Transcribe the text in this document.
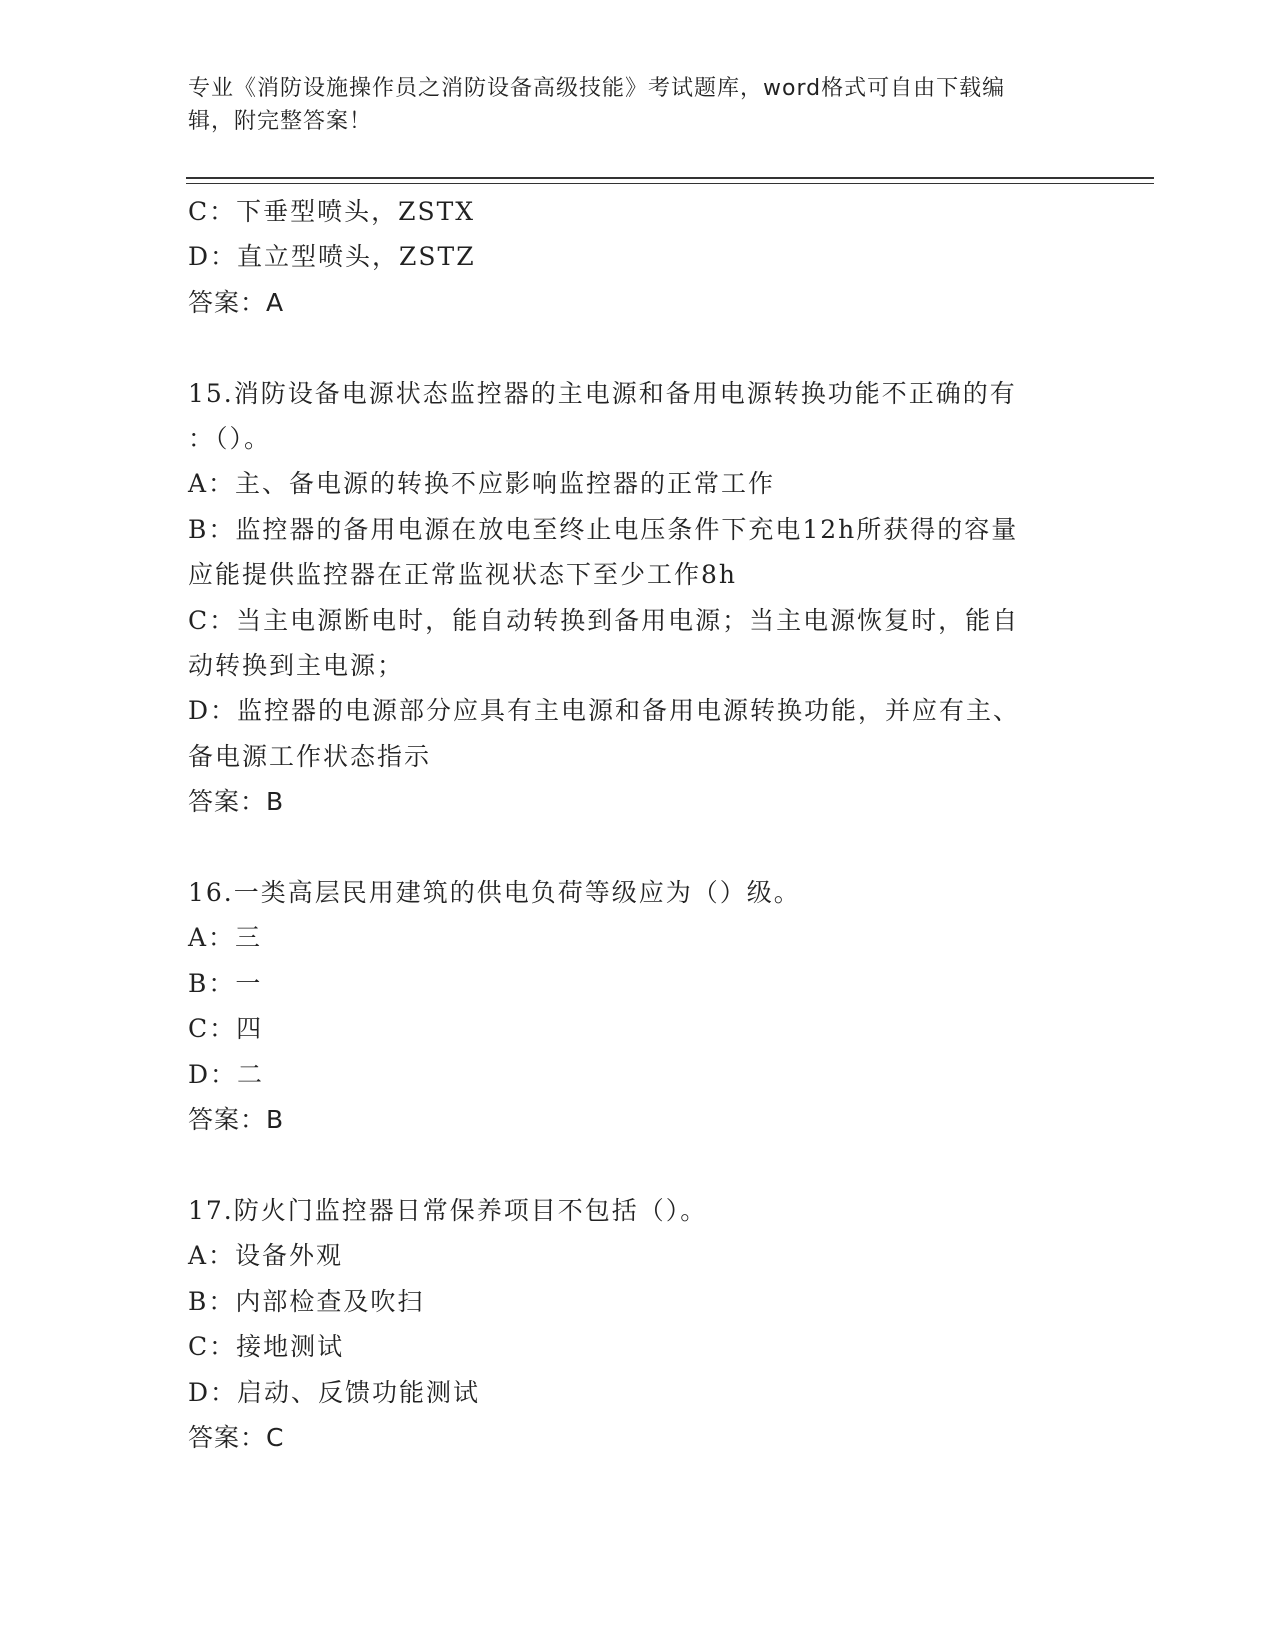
专业《消防设施操作员之消防设备高级技能》考试题库，word格式可自由下载编
辑，附完整答案！
C：下垂型喷头，ZSTX
D：直立型喷头，ZSTZ
答案：A
15.消防设备电源状态监控器的主电源和备用电源转换功能不正确的有
：（）。
A：主、备电源的转换不应影响监控器的正常工作
B：监控器的备用电源在放电至终止电压条件下充电12h所获得的容量
应能提供监控器在正常监视状态下至少工作8h
C：当主电源断电时，能自动转换到备用电源；当主电源恢复时，能自
动转换到主电源；
D：监控器的电源部分应具有主电源和备用电源转换功能，并应有主、
备电源工作状态指示
答案：B
16.一类高层民用建筑的供电负荷等级应为（）级。
A：三
B：一
C：四
D：二
答案：B
17.防火门监控器日常保养项目不包括（）。
A：设备外观
B：内部检查及吹扫
C：接地测试
D：启动、反馈功能测试
答案：C
